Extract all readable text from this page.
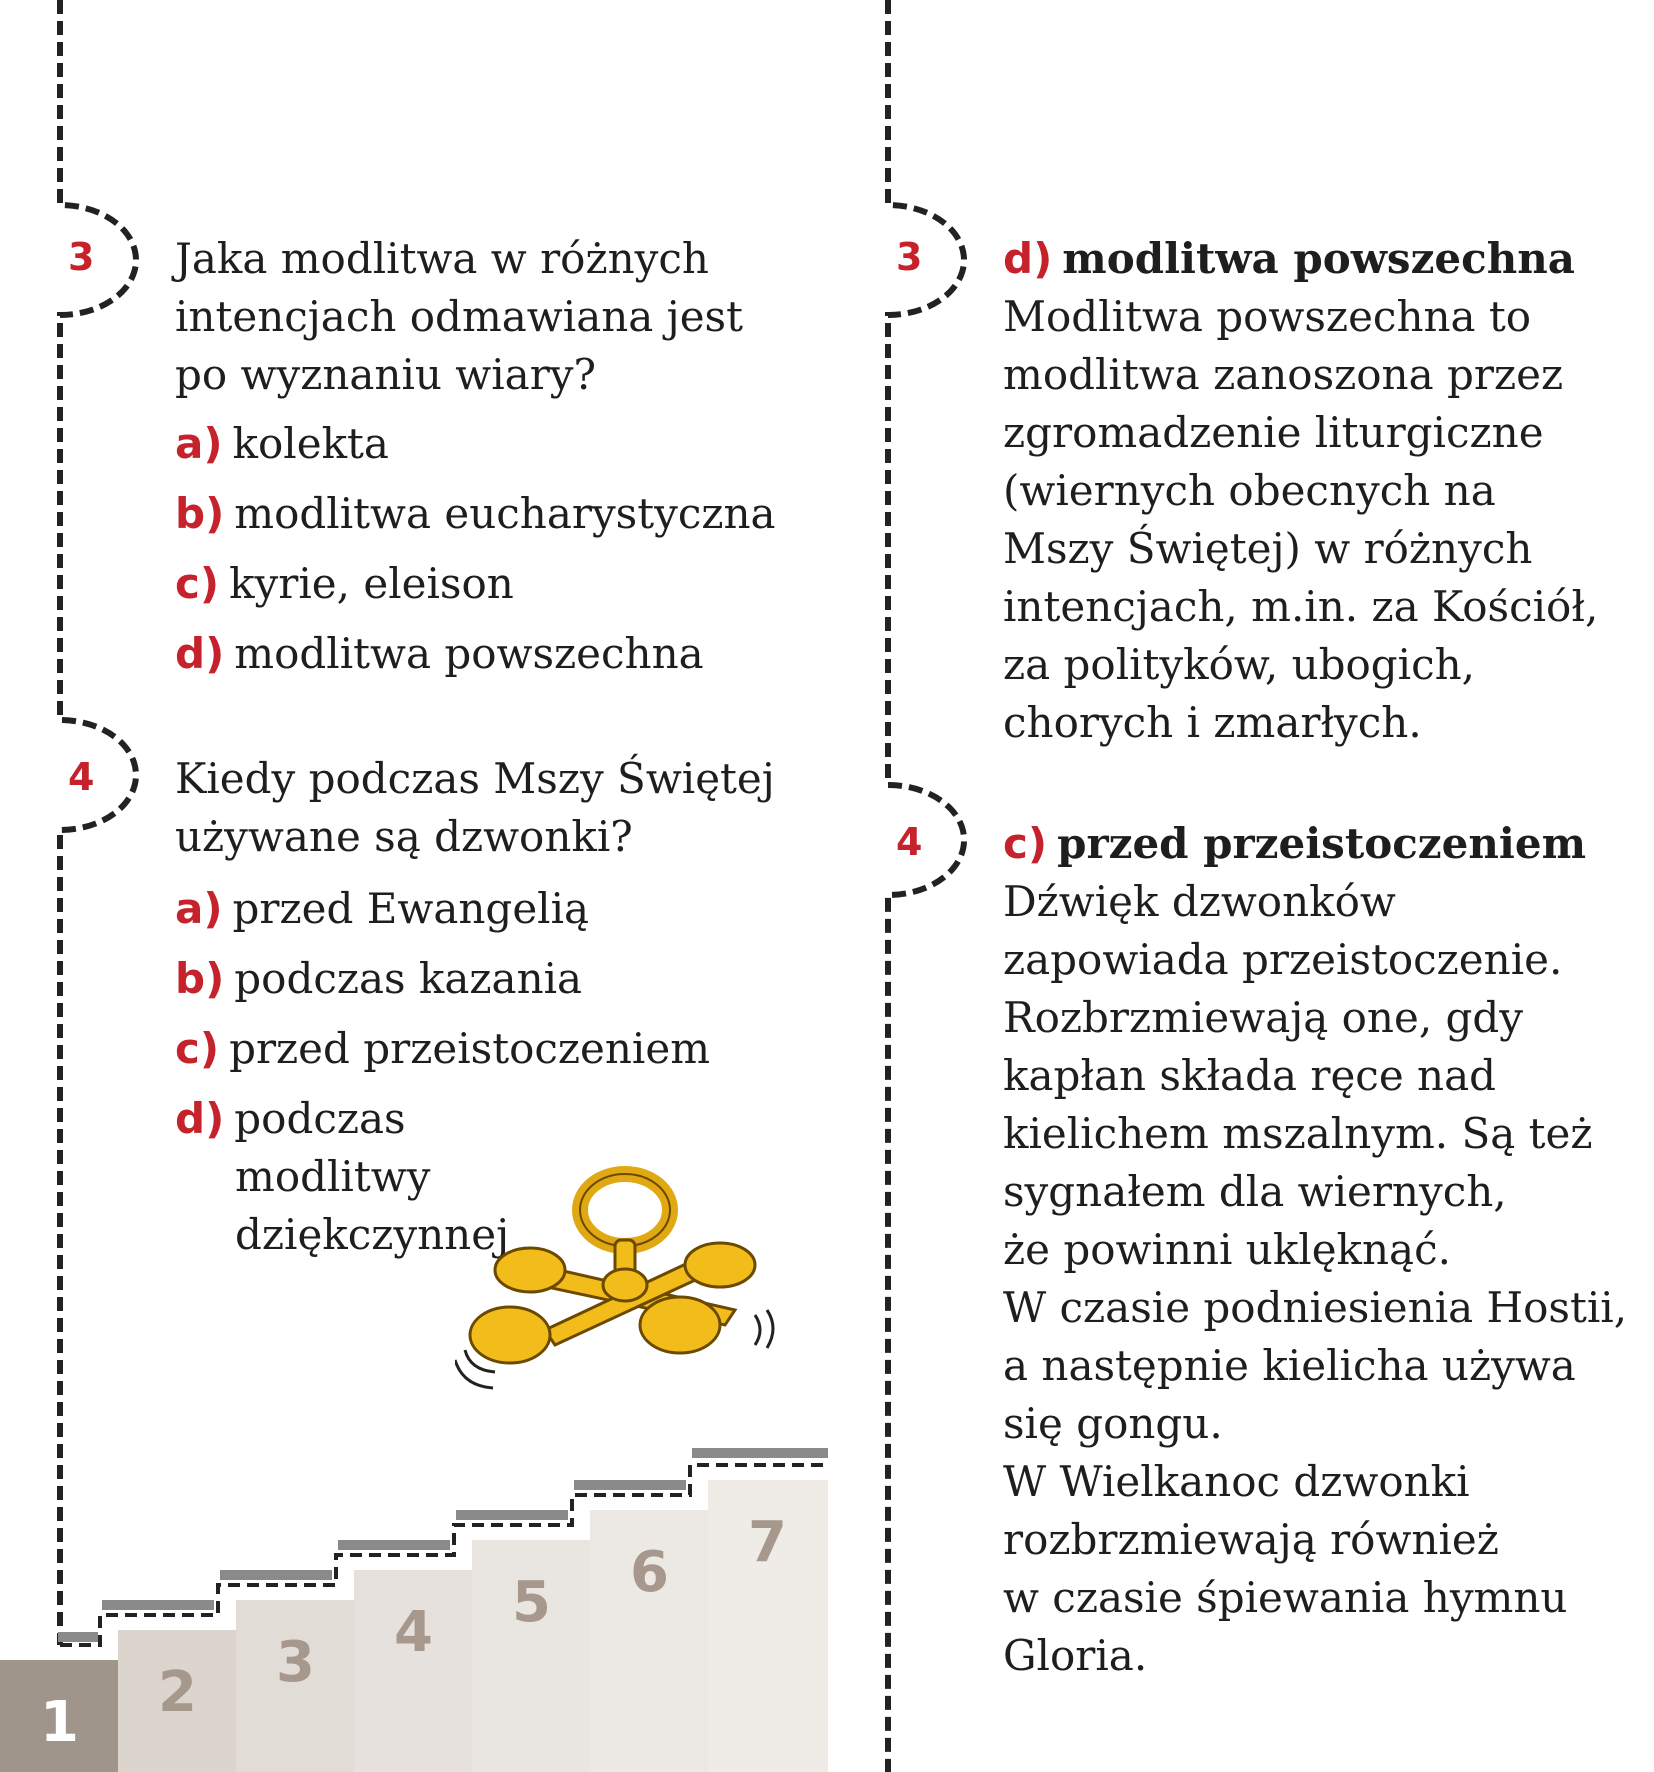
3 Jaka modlitwa w różnych
intencjach odmawiana jest
po wyznaniu wiary?
a) kolekta
b) modlitwa eucharystyczna
c) kyrie, eleison
d) modlitwa powszechna
4 Kiedy podczas Mszy Świętej
używane są dzwonki?
a) przed Ewangelią
b) podczas kazania
c) przed przeistoczeniem
d) podczas
modlitwy
dziękczynnej
1 2 3 4 5 6 7
3 d) modlitwa powszechna
Modlitwa powszechna to
modlitwa zanoszona przez
zgromadzenie liturgiczne
(wiernych obecnych na
Mszy Świętej) w różnych
intencjach, m.in. za Kościół,
za polityków, ubogich,
chorych i zmarłych.
4 c) przed przeistoczeniem
Dźwięk dzwonków
zapowiada przeistoczenie.
Rozbrzmiewają one, gdy
kapłan składa ręce nad
kielichem mszalnym. Są też
sygnałem dla wiernych,
że powinni uklęknąć.
W czasie podniesienia Hostii,
a następnie kielicha używa
się gongu.
W Wielkanoc dzwonki
rozbrzmiewają również
w czasie śpiewania hymnu
Gloria.
